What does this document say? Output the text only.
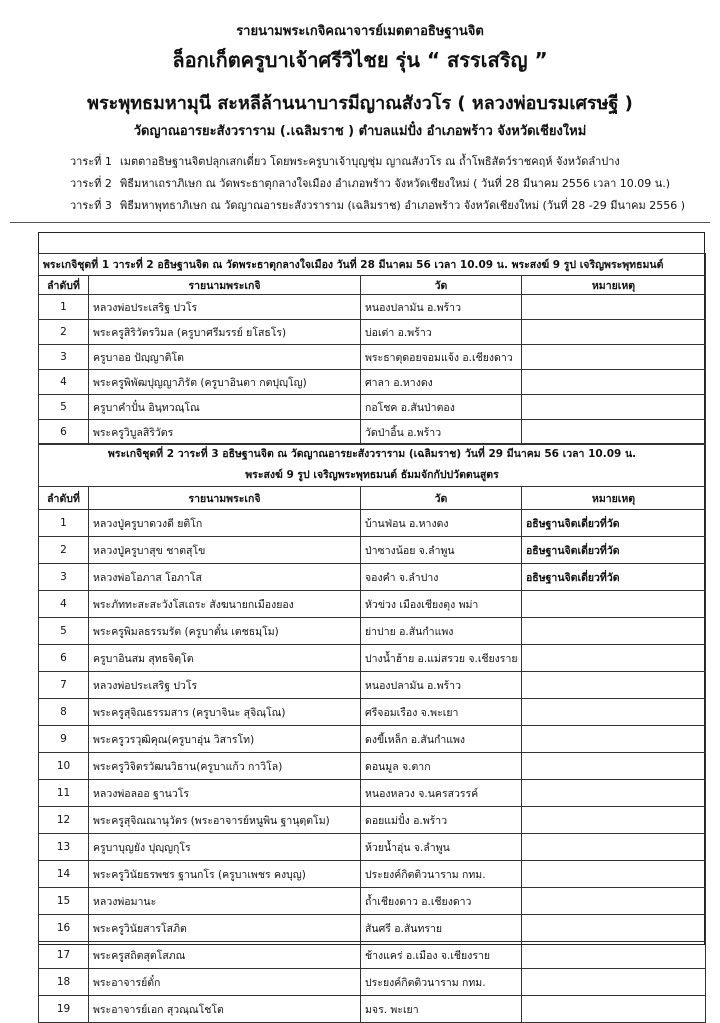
รายนามพระเกจิคณาจารย์เมตตาอธิษฐานจิต
ล็อกเก็ตครูบาเจ้าศรีวิไชย รุ่น “ สรรเสริญ ”
พระพุทธมหามุนี สะหลีล้านนาบารมีญาณสังวโร ( หลวงพ่อบรมเศรษฐี )
วัดญาณอารยะสังวราราม (.เฉลิมราช ) ตำบลแม่ปั๋ง อำเภอพร้าว จังหวัดเชียงใหม่
วาระที่ 1 เมตตาอธิษฐานจิตปลุกเสกเดี่ยว โดยพระครูบาเจ้าบุญชุ่ม ญาณสังวโร ณ ถ้ำโพธิสัตว์ราชคฤห์ จังหวัดลำปาง
วาระที่ 2 พิธีมหาเถราภิเษก ณ วัดพระธาตุกลางใจเมือง อำเภอพร้าว จังหวัดเชียงใหม่ ( วันที่ 28 มีนาคม 2556 เวลา 10.09 น.)
วาระที่ 3 พิธีมหาพุทธาภิเษก ณ วัดญาณอารยะสังวราราม (เฉลิมราช) อำเภอพร้าว จังหวัดเชียงใหม่ (วันที่ 28 -29 มีนาคม 2556 )
พระเกจิชุดที่ 1 วาระที่ 2 อธิษฐานจิต ณ วัดพระธาตุกลางใจเมือง วันที่ 28 มีนาคม 56 เวลา 10.09 น. พระสงฆ์ 9 รูป เจริญพระพุทธมนต์			
ลำดับที่	รายนามพระเกจิ	วัด	หมายเหตุ
1	หลวงพ่อประเสริฐ ปวโร	หนองปลามัน อ.พร้าว	
2	พระครูสิริวัตรวิมล (ครูบาศรีมรรย์ ยโสธโร)	บ่อเต่า อ.พร้าว	
3	ครูบาออ ปัญฺญาติโต	พระธาตุดอยจอมแจ้ง อ.เชียงดาว	
4	พระครูพิพัฒปุญญาภิรัต (ครูบาอินตา กตปุญฺโญ)	ศาลา อ.หางดง	
5	ครูบาคำปั๋น อินฺทวณฺโณ	กอโชค อ.สันป่าตอง	
6	พระครูวิบูลสิริวัตร	วัดป่าอิ้น อ.พร้าว	
พระเกจิชุดที่ 2 วาระที่ 3 อธิษฐานจิต ณ วัดญาณอารยะสังวราราม (เฉลิมราช) วันที่ 29 มีนาคม 56 เวลา 10.09 น.
พระสงฆ์ 9 รูป เจริญพระพุทธมนต์ ธัมมจักกัปปวัตตนสูตร			

ลำดับที่	รายนามพระเกจิ	วัด	หมายเหตุ
1	หลวงปู่ครูบาดวงดี ยติโก	บ้านฟ่อน อ.หางดง	อธิษฐานจิตเดี่ยวที่วัด
2	หลวงปู่ครูบาสุข ชาตสุโข	ป่าซางน้อย จ.ลำพูน	อธิษฐานจิตเดี่ยวที่วัด
3	หลวงพ่อโอภาส โอภาโส	จองคำ จ.ลำปาง	อธิษฐานจิตเดี่ยวที่วัด
4	พระภัททะสะสะวังโสเถระ สังฆนายกเมืองยอง	หัวข่วง เมืองเชียงตุง พม่า	
5	พระครูพิมลธรรมรัต (ครูบาตั๋น เตชธมฺโม)	ย่าปาย อ.สันกำแพง	
6	ครูบาอินสม สุทธจิตฺโต	ปางน้ำฮ้าย อ.แม่สรวย จ.เชียงราย	
7	หลวงพ่อประเสริฐ ปวโร	หนองปลามัน อ.พร้าว	
8	พระครูสุจิณธรรมสาร (ครูบาจินะ สุจิณฺโณ)	ศรีจอมเรือง จ.พะเยา	
9	พระครูวรวุฒิคุณ(ครูบาอุ่น วิสารโท)	ดงขี้เหล็ก อ.สันกำแพง	
10	พระครูวิจิตรวัฒนวิธาน(ครูบาแก้ว กาวิโล)	ดอนมูล จ.ตาก	
11	หลวงพ่อลออ ฐานวโร	หนองหลวง จ.นครสวรรค์	
12	พระครูสุจิณณานุวัตร (พระอาจารย์หนูพิน ฐานุตฺตโม)	ดอยแม่ปั๋ง อ.พร้าว	
13	ครูบาบุญยัง ปุญฺญกุโร	ห้วยน้ำอุ่น จ.ลำพูน	
14	พระครูวินัยธรพชร ฐานกโร (ครูบาเพชร คงบุญ)	ประยงค์กิตติวนาราม กทม.	
15	หลวงพ่อมานะ	ถ้ำเชียงดาว อ.เชียงดาว	
16	พระครูวินัยสารโสภิต	สันศรี อ.สันทราย	
17	พระครูสถิตสุตโสภณ	ช้างแคร่ อ.เมือง จ.เชียงราย	
18	พระอาจารย์ตั๋ก	ประยงค์กิตติวนาราม กทม.	
19	พระอาจารย์เอก สุวณฺณโชโต	มจร. พะเยา	
